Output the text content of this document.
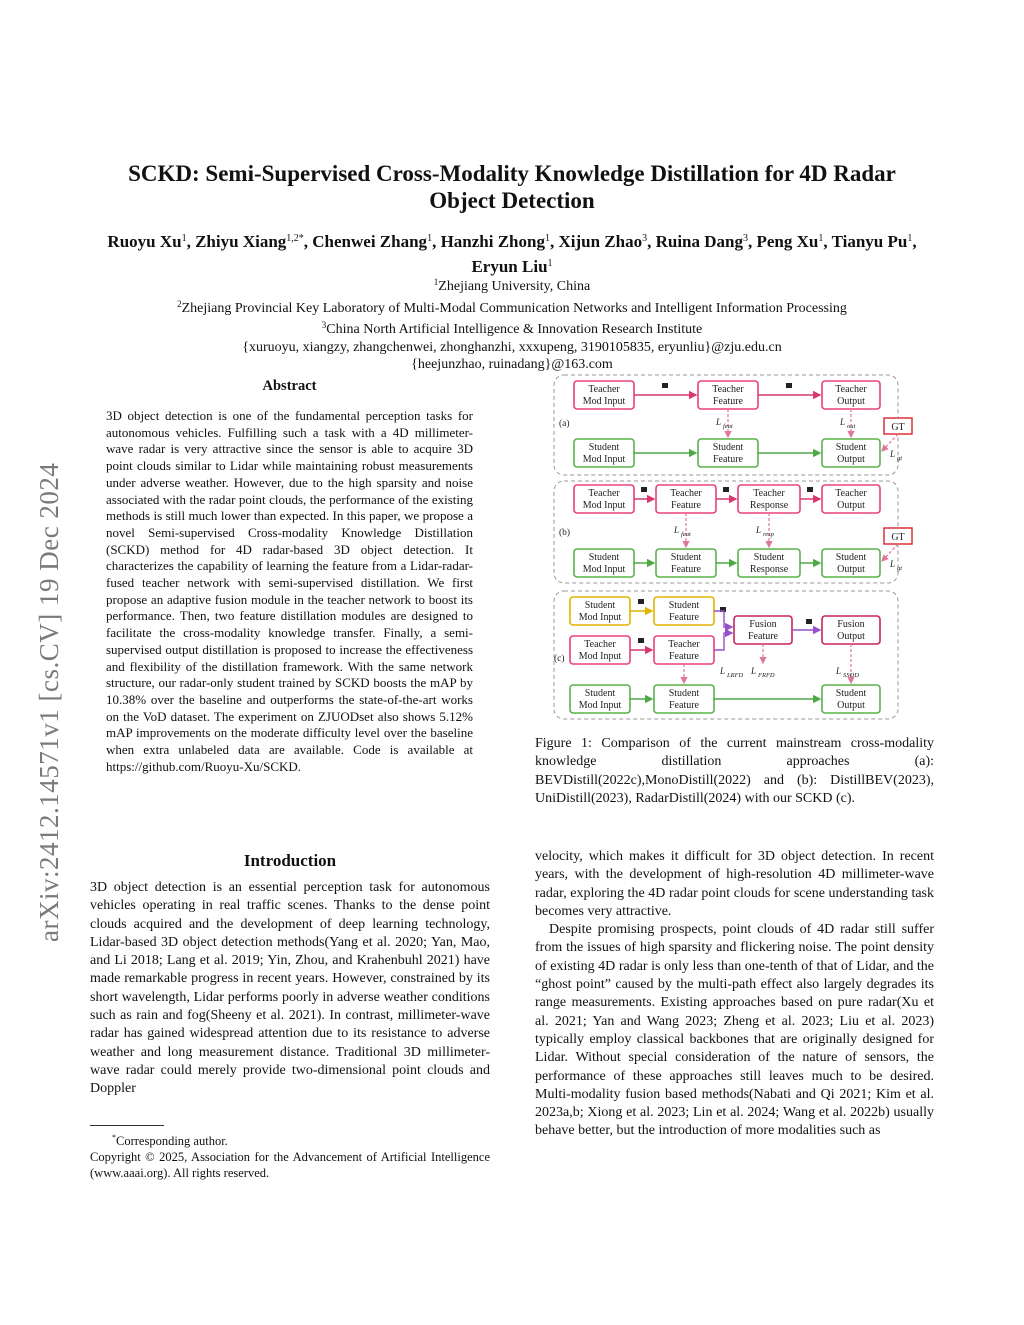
arXiv:2412.14571v1 [cs.CV] 19 Dec 2024
SCKD: Semi-Supervised Cross-Modality Knowledge Distillation for 4D Radar Object Detection
Ruoyu Xu$^1$, Zhiyu Xiang$^{1,2*}$, Chenwei Zhang$^1$, Hanzhi Zhong$^1$, Xijun Zhao$^3$, Ruina Dang$^3$, Peng Xu$^1$, Tianyu Pu$^1$, Eryun Liu$^1$
$^1$Zhejiang University, China
$^2$Zhejiang Provincial Key Laboratory of Multi-Modal Communication Networks and Intelligent Information Processing
$^3$China North Artificial Intelligence & Innovation Research Institute
{xuruoyu, xiangzy, zhangchenwei, zhonghanzhi, xxxupeng, 3190105835, eryunliu}@zju.edu.cn
{heejunzhao, ruinadang}@163.com
Abstract
3D object detection is one of the fundamental perception tasks for autonomous vehicles. Fulfilling such a task with a 4D millimeter-wave radar is very attractive since the sensor is able to acquire 3D point clouds similar to Lidar while maintaining robust measurements under adverse weather. However, due to the high sparsity and noise associated with the radar point clouds, the performance of the existing methods is still much lower than expected. In this paper, we propose a novel Semi-supervised Cross-modality Knowledge Distillation (SCKD) method for 4D radar-based 3D object detection. It characterizes the capability of learning the feature from a Lidar-radar-fused teacher network with semi-supervised distillation. We first propose an adaptive fusion module in the teacher network to boost its performance. Then, two feature distillation modules are designed to facilitate the cross-modality knowledge transfer. Finally, a semi-supervised output distillation is proposed to increase the effectiveness and flexibility of the distillation framework. With the same network structure, our radar-only student trained by SCKD boosts the mAP by 10.38% over the baseline and outperforms the state-of-the-art works on the VoD dataset. The experiment on ZJUODset also shows 5.12% mAP improvements on the moderate difficulty level over the baseline when extra unlabeled data are available. Code is available at https://github.com/Ruoyu-Xu/SCKD.
Introduction
3D object detection is an essential perception task for autonomous vehicles operating in real traffic scenes. Thanks to the dense point clouds acquired and the development of deep learning technology, Lidar-based 3D object detection methods(Yang et al. 2020; Yan, Mao, and Li 2018; Lang et al. 2019; Yin, Zhou, and Krahenbuhl 2021) have made remarkable progress in recent years. However, constrained by its short wavelength, Lidar performs poorly in adverse weather conditions such as rain and fog(Sheeny et al. 2021). In contrast, millimeter-wave radar has gained widespread attention due to its resistance to adverse weather and long measurement distance. Traditional 3D millimeter-wave radar could merely provide two-dimensional point clouds and Doppler
*Corresponding author.
Copyright © 2025, Association for the Advancement of Artificial Intelligence (www.aaai.org). All rights reserved.
(a)
Teacher
Mod Input
Teacher
Feature
Teacher
Output
Student
Mod Input
Student
Feature
Student
Output
L feat	L out	GT
L gt
(b)
Teacher
Mod Input
Teacher
Feature
Teacher
Response
Teacher
Output
Student
Mod Input
Student
Feature
Student
Response
Student
Output
L feat	L resp	GT
L gt
(c)
Student
Mod Input
Student
Feature
Teacher
Mod Input
Teacher
Feature
Fusion
Feature
Fusion
Output
L LRFD L FRFD	L SSOD
Student
Mod Input
Student
Feature
Student
Output
Figure 1: Comparison of the current mainstream cross-modality knowledge distillation approaches (a): BEVDistill(2022c),MonoDistill(2022) and (b): DistillBEV(2023), UniDistill(2023), RadarDistill(2024) with our SCKD (c).

velocity, which makes it difficult for 3D object detection. In recent years, with the development of high-resolution 4D millimeter-wave radar, exploring the 4D radar point clouds for scene understanding task becomes very attractive.

Despite promising prospects, point clouds of 4D radar still suffer from the issues of high sparsity and flickering noise. The point density of existing 4D radar is only less than one-tenth of that of Lidar, and the “ghost point” caused by the multi-path effect also largely degrades its range measurements. Existing approaches based on pure radar(Xu et al. 2021; Yan and Wang 2023; Zheng et al. 2023; Liu et al. 2023) typically employ classical backbones that are originally designed for Lidar. Without special consideration of the nature of sensors, the performance of these approaches still leaves much to be desired. Multi-modality fusion based methods(Nabati and Qi 2021; Kim et al. 2023a,b; Xiong et al. 2023; Lin et al. 2024; Wang et al. 2022b) usually behave better, but the introduction of more modalities such as
